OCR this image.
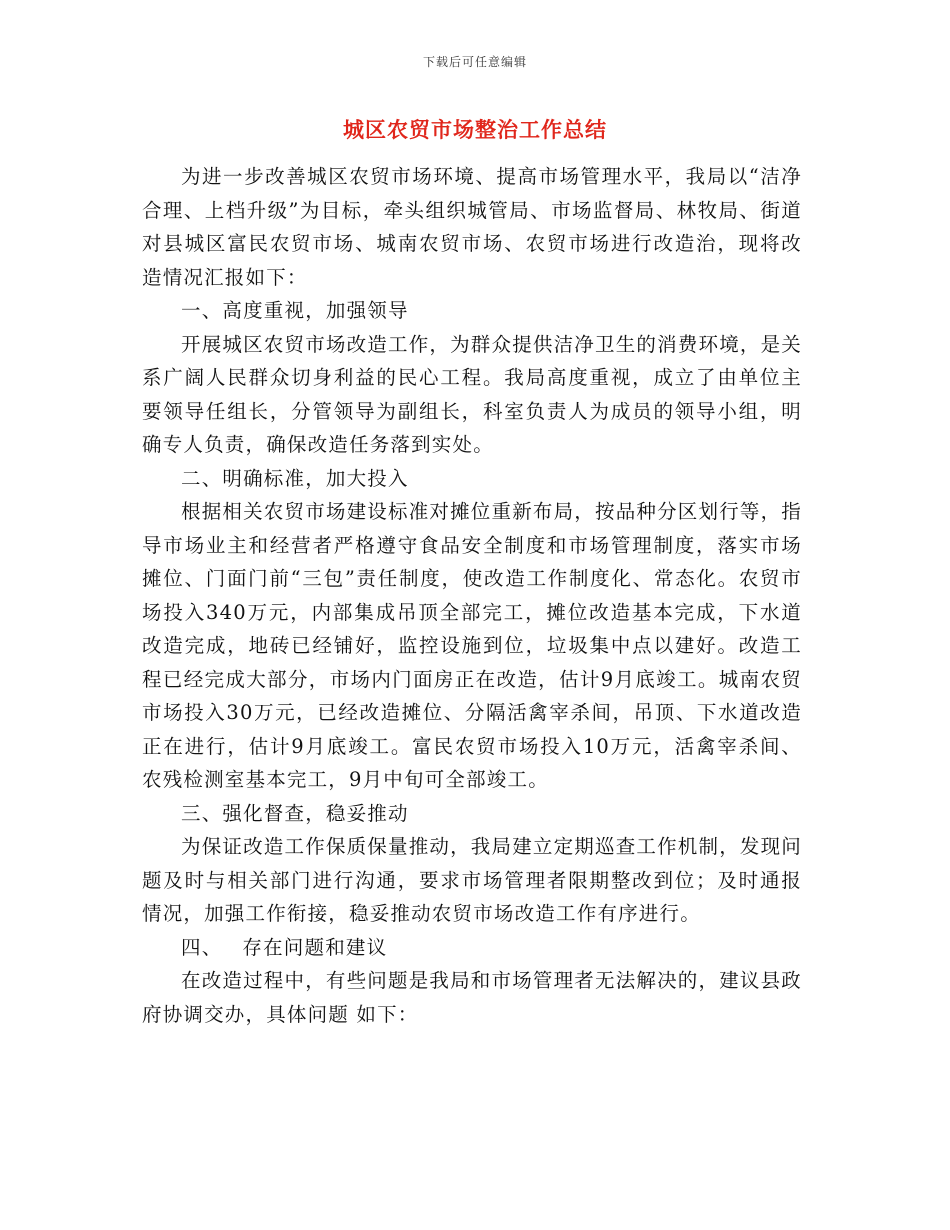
下载后可任意编辑
城区农贸市场整治工作总结

为进一步改善城区农贸市场环境、提高市场管理水平，我局以“洁净合理、上档升级”为目标，牵头组织城管局、市场监督局、林牧局、街道对县城区富民农贸市场、城南农贸市场、农贸市场进行改造治，现将改造情况汇报如下：

一、高度重视，加强领导

开展城区农贸市场改造工作，为群众提供洁净卫生的消费环境，是关系广阔人民群众切身利益的民心工程。我局高度重视，成立了由单位主要领导任组长，分管领导为副组长，科室负责人为成员的领导小组，明确专人负责，确保改造任务落到实处。

二、明确标准，加大投入

根据相关农贸市场建设标准对摊位重新布局，按品种分区划行等，指导市场业主和经营者严格遵守食品安全制度和市场管理制度，落实市场摊位、门面门前“三包”责任制度，使改造工作制度化、常态化。农贸市场投入340万元，内部集成吊顶全部完工，摊位改造基本完成，下水道改造完成，地砖已经铺好，监控设施到位，垃圾集中点以建好。改造工程已经完成大部分，市场内门面房正在改造，估计9月底竣工。城南农贸市场投入30万元，已经改造摊位、分隔活禽宰杀间，吊顶、下水道改造正在进行，估计9月底竣工。富民农贸市场投入10万元，活禽宰杀间、农残检测室基本完工，9月中旬可全部竣工。

三、强化督查，稳妥推动

为保证改造工作保质保量推动，我局建立定期巡查工作机制，发现问题及时与相关部门进行沟通，要求市场管理者限期整改到位；及时通报情况，加强工作衔接，稳妥推动农贸市场改造工作有序进行。

四、 存在问题和建议

在改造过程中，有些问题是我局和市场管理者无法解决的，建议县政府协调交办，具体问题 如下：
